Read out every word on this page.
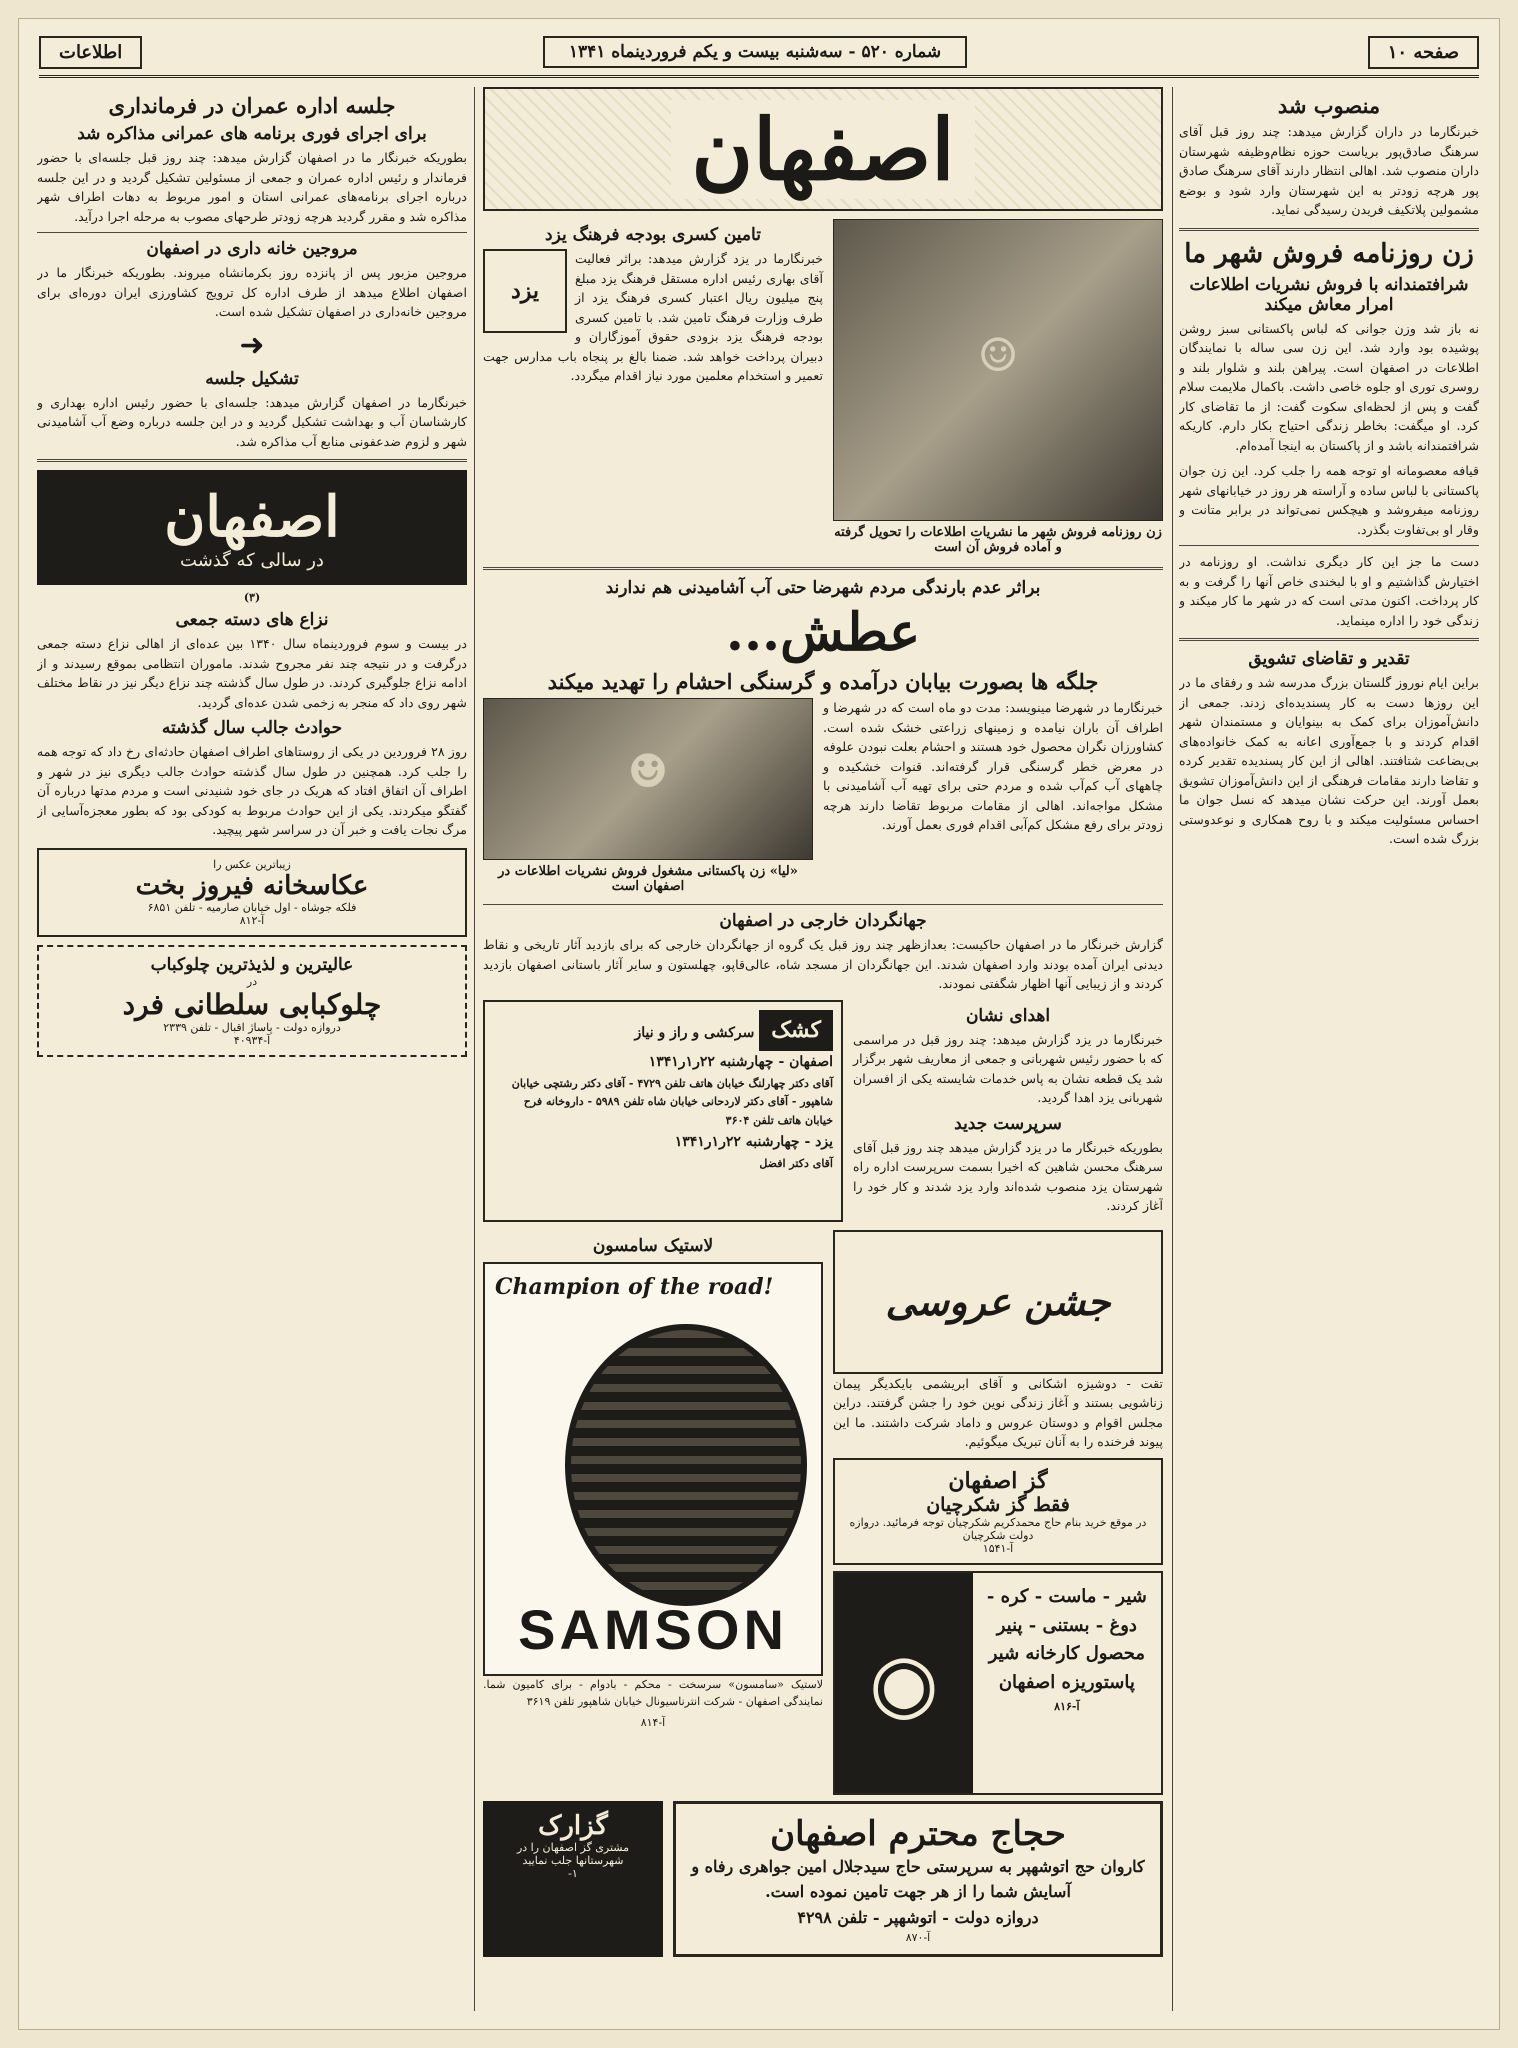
صفحه ۱۰
شماره ۵۲۰ - سه‌شنبه بیست و یکم فروردینماه ۱۳۴۱
اطلاعات
منصوب شد

خبرنگارما در داران گزارش میدهد: چند روز قبل آقای سرهنگ صادق‌پور بریاست حوزه نظام‌وظیفه شهرستان داران منصوب شد. اهالی انتظار دارند آقای سرهنگ صادق پور هرچه زودتر به این شهرستان وارد شود و بوضع مشمولین پلاتکیف فریدن رسیدگی نماید.

زن روزنامه فروش شهر ما
شرافتمندانه با فروش نشریات اطلاعات امرار معاش میکند

نه باز شد وزن جوانی که لباس پاکستانی سبز روشن پوشیده بود وارد شد. این زن سی ساله با نمایندگان اطلاعات در اصفهان است. پیراهن بلند و شلوار بلند و روسری توری او جلوه خاصی داشت. باکمال ملایمت سلام گفت و پس از لحظه‌ای سکوت گفت: از ما تقاضای کار کرد. او میگفت: بخاطر زندگی احتیاج بکار دارم. کاریکه شرافتمندانه باشد و از پاکستان به اینجا آمده‌ام.

قیافه معصومانه او توجه همه را جلب کرد. این زن جوان پاکستانی با لباس ساده و آراسته هر روز در خیابانهای شهر روزنامه میفروشد و هیچکس نمی‌تواند در برابر متانت و وقار او بی‌تفاوت بگذرد.

دست ما جز این کار دیگری نداشت. او روزنامه در اختیارش گذاشتیم و او با لبخندی خاص آنها را گرفت و به کار پرداخت. اکنون مدتی است که در شهر ما کار میکند و زندگی خود را اداره مینماید.

تقدیر و تقاضای تشویق

براین ایام نوروز گلستان بزرگ مدرسه شد و رفقای ما در این روزها دست به کار پسندیده‌ای زدند. جمعی از دانش‌آموزان برای کمک به بینوایان و مستمندان شهر اقدام کردند و با جمع‌آوری اعانه به کمک خانواده‌های بی‌بضاعت شتافتند. اهالی از این کار پسندیده تقدیر کرده و تقاضا دارند مقامات فرهنگی از این دانش‌آموزان تشویق بعمل آورند. این حرکت نشان میدهد که نسل جوان ما احساس مسئولیت میکند و با روح همکاری و نوعدوستی بزرگ شده است.

اصفهان
☺
زن روزنامه فروش شهر ما نشریات اطلاعات را تحویل گرفته و آماده فروش آن است
تامین کسری بودجه فرهنگ یزد
یزد

خبرنگارما در یزد گزارش میدهد: براثر فعالیت آقای بهاری رئیس اداره مستقل فرهنگ یزد مبلغ پنج میلیون ریال اعتبار کسری فرهنگ یزد از طرف وزارت فرهنگ تامین شد. با تامین کسری بودجه فرهنگ یزد بزودی حقوق آموزگاران و دبیران پرداخت خواهد شد. ضمنا بالغ بر پنجاه باب مدارس جهت تعمیر و استخدام معلمین مورد نیاز اقدام میگردد.

براثر عدم بارندگی مردم شهرضا حتی آب آشامیدنی هم ندارند
عطش...
جلگه ها بصورت بیابان درآمده و گرسنگی احشام را تهدید میکند

خبرنگارما در شهرضا مینویسد: مدت دو ماه است که در شهرضا و اطراف آن باران نیامده و زمینهای زراعتی خشک شده است. کشاورزان نگران محصول خود هستند و احشام بعلت نبودن علوفه در معرض خطر گرسنگی قرار گرفته‌اند. قنوات خشکیده و چاههای آب کم‌آب شده و مردم حتی برای تهیه آب آشامیدنی با مشکل مواجه‌اند. اهالی از مقامات مربوط تقاضا دارند هرچه زودتر برای رفع مشکل کم‌آبی اقدام فوری بعمل آورند.

☻
«لیا» زن پاکستانی مشغول فروش نشریات اطلاعات در اصفهان است
جهانگردان خارجی در اصفهان

گزارش خبرنگار ما در اصفهان حاکیست: بعدازظهر چند روز قبل یک گروه از جهانگردان خارجی که برای بازدید آثار تاریخی و نقاط دیدنی ایران آمده بودند وارد اصفهان شدند. این جهانگردان از مسجد شاه، عالی‌قاپو، چهلستون و سایر آثار باستانی اصفهان بازدید کردند و از زیبایی آنها اظهار شگفتی نمودند.

اهدای نشان

خبرنگارما در یزد گزارش میدهد: چند روز قبل در مراسمی که با حضور رئیس شهربانی و جمعی از معاریف شهر برگزار شد یک قطعه نشان به پاس خدمات شایسته یکی از افسران شهربانی یزد اهدا گردید.

سرپرست جدید

بطوریکه خبرنگار ما در یزد گزارش میدهد چند روز قبل آقای سرهنگ محسن شاهین که اخیرا بسمت سرپرست اداره راه شهرستان یزد منصوب شده‌اند وارد یزد شدند و کار خود را آغاز کردند.

کشک سرکشی و راز و نیاز
اصفهان - چهارشنبه ۲۲ر۱ر۱۳۴۱
آقای دکتر چهارلنگ خیابان هاتف تلفن ۴۷۲۹ - آقای دکتر رشتچی خیابان شاهپور - آقای دکتر لاردحانی خیابان شاه تلفن ۵۹۸۹ - داروخانه فرح خیابان هاتف تلفن ۳۶۰۴
یزد - چهارشنبه ۲۲ر۱ر۱۳۴۱
آقای دکتر افضل
جشن عروسی

تقت - دوشیزه اشکانی و آقای ابریشمی بایکدیگر پیمان زناشویی بستند و آغاز زندگی نوین خود را جشن گرفتند. دراین مجلس اقوام و دوستان عروس و داماد شرکت داشتند. ما این پیوند فرخنده را به آنان تبریک میگوئیم.

گز اصفهان
فقط گز شکرچیان
در موقع خرید بنام حاج محمدکریم شکرچیان توجه فرمائید. دروازه دولت شکرچیان
آ-۱۵۴۱
شیر - ماست - کره - دوغ - بستنی - پنیر
محصول کارخانه شیر پاستوریزه اصفهان
آ-۸۱۶
◉
لاستیک سامسون
Champion of the road!
SAMSON

لاستیک «سامسون» سرسخت - محکم - بادوام - برای کامیون شما. نمایندگی اصفهان - شرکت انترناسیونال خیابان شاهپور تلفن ۳۶۱۹

آ-۸۱۴
حجاج محترم اصفهان
کاروان حج اتوشهپر به سرپرستی حاج سیدجلال امین جواهری رفاه و آسایش شما را از هر جهت تامین نموده است.
دروازه دولت - اتوشهپر - تلفن ۴۲۹۸
آ-۸۷۰
گزارک
مشتری گز اصفهان را در شهرستانها جلب نمایید
۱-
جلسه اداره عمران در فرمانداری
برای اجرای فوری برنامه های عمرانی مذاکره شد

بطوریکه خبرنگار ما در اصفهان گزارش میدهد: چند روز قبل جلسه‌ای با حضور فرماندار و رئیس اداره عمران و جمعی از مسئولین تشکیل گردید و در این جلسه درباره اجرای برنامه‌های عمرانی استان و امور مربوط به دهات اطراف شهر مذاکره شد و مقرر گردید هرچه زودتر طرحهای مصوب به مرحله اجرا درآید.

مروجین خانه داری در اصفهان

مروجین مزبور پس از پانزده روز بکرمانشاه میروند. بطوریکه خبرنگار ما در اصفهان اطلاع میدهد از طرف اداره کل ترویج کشاورزی ایران دوره‌ای برای مروجین خانه‌داری در اصفهان تشکیل شده است.

➜
تشکیل جلسه

خبرنگارما در اصفهان گزارش میدهد: جلسه‌ای با حضور رئیس اداره بهداری و کارشناسان آب و بهداشت تشکیل گردید و در این جلسه درباره وضع آب آشامیدنی شهر و لزوم ضدعفونی منابع آب مذاکره شد.

اصفهان
در سالی که گذشت
(۳)
نزاع های دسته جمعی

در بیست و سوم فروردینماه سال ۱۳۴۰ بین عده‌ای از اهالی نزاع دسته جمعی درگرفت و در نتیجه چند نفر مجروح شدند. ماموران انتظامی بموقع رسیدند و از ادامه نزاع جلوگیری کردند. در طول سال گذشته چند نزاع دیگر نیز در نقاط مختلف شهر روی داد که منجر به زخمی شدن عده‌ای گردید.

حوادث جالب سال گذشته

روز ۲۸ فروردین در یکی از روستاهای اطراف اصفهان حادثه‌ای رخ داد که توجه همه را جلب کرد. همچنین در طول سال گذشته حوادث جالب دیگری نیز در شهر و اطراف آن اتفاق افتاد که هریک در جای خود شنیدنی است و مردم مدتها درباره آن گفتگو میکردند. یکی از این حوادث مربوط به کودکی بود که بطور معجزه‌آسایی از مرگ نجات یافت و خبر آن در سراسر شهر پیچید.

زیباترین عکس را
عکاسخانه فیروز بخت
فلکه جوشاه - اول خیابان صارمیه - تلفن ۶۸۵۱
آ-۸۱۲
عالیترین و لذیذترین چلوکباب
در
چلوکبابی سلطانی فرد
دروازه دولت - پاساژ اقبال - تلفن ۲۳۳۹
آ-۴۰۹۳۴
